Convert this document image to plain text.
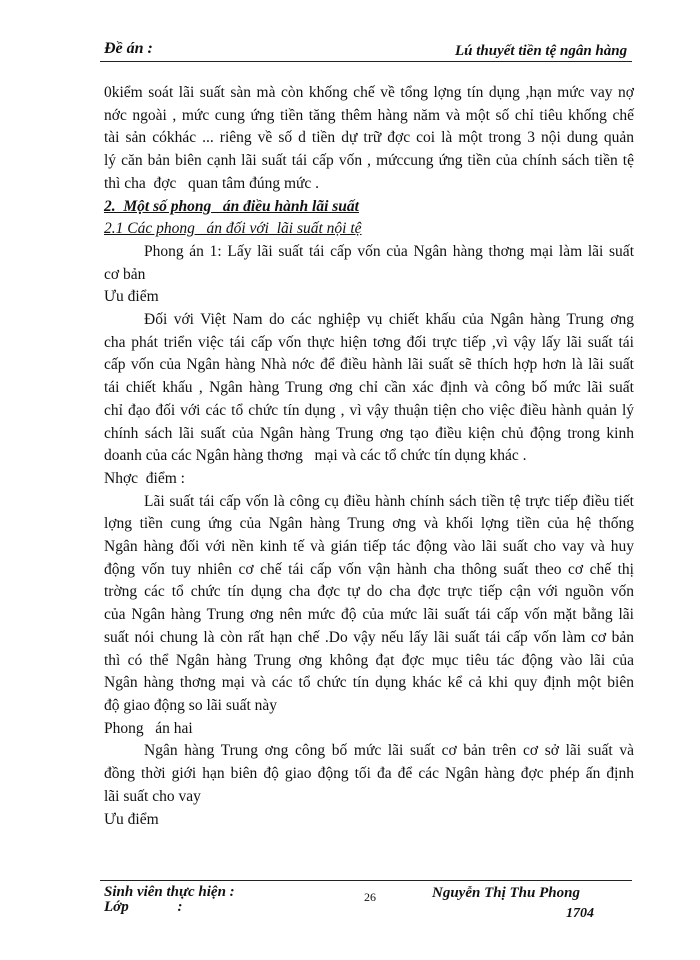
Đề án :	Lú thuyết tiền tệ ngân hàng
0kiểm soát lãi suất sàn mà còn khống chế về tổng lợng tín dụng ,hạn mức vay nợ
nớc ngoài , mức cung ứng tiền tăng thêm hàng năm và một số chỉ tiêu khống chế
tài sản cókhác ... riêng về số d tiền dự trữ đợc coi là một trong 3 nội dung quản
lý căn bản biên cạnh lãi suất tái cấp vốn , mứccung ứng tiền của chính sách tiền tệ
thì cha  đợc   quan tâm đúng mức .
2.  Một số phong   án điều hành lãi suất
2.1 Các phong   án đối với  lãi suất nội tệ
Phong án 1: Lấy lãi suất tái cấp vốn của Ngân hàng thơng mại làm lãi suất
cơ bản
Ưu điểm
Đối với Việt Nam do các nghiệp vụ chiết khấu của Ngân hàng Trung ơng
cha phát triển việc tái cấp vốn thực hiện tơng đối trực tiếp ,vì vậy lấy lãi suất tái
cấp vốn của Ngân hàng Nhà nớc để điều hành lãi suất sẽ thích hợp hơn là lãi suất
tái chiết khấu , Ngân hàng Trung ơng chỉ cần xác định và công bố mức lãi suất
chỉ đạo đối với các tổ chức tín dụng , vì vậy thuận tiện cho việc điều hành quản lý
chính sách lãi suất của Ngân hàng Trung ơng tạo điều kiện chủ động trong kinh
doanh của các Ngân hàng thơng   mại và các tổ chức tín dụng khác .
Nhợc  điểm :
Lãi suất tái cấp vốn là công cụ điều hành chính sách tiền tệ trực tiếp điều tiết
lợng tiền cung ứng của Ngân hàng Trung ơng và khối lợng tiền của hệ thống
Ngân hàng đối với nền kinh tế và gián tiếp tác động vào lãi suất cho vay và huy
động vốn tuy nhiên cơ chế tái cấp vốn vận hành cha thông suất theo cơ chế thị
trờng các tổ chức tín dụng cha đợc tự do cha đợc trực tiếp cận với nguồn vốn
của Ngân hàng Trung ơng nên mức độ của mức lãi suất tái cấp vốn mặt bằng lãi
suất nói chung là còn rất hạn chế .Do vậy nếu lấy lãi suất tái cấp vốn làm cơ bản
thì có thể Ngân hàng Trung ơng không đạt đợc mục tiêu tác động vào lãi của
Ngân hàng thơng mại và các tổ chức tín dụng khác kể cả khi quy định một biên
độ giao động so lãi suất này
Phong   án hai
Ngân hàng Trung ơng công bố mức lãi suất cơ bản trên cơ sở lãi suất và
đồng thời giới hạn biên độ giao động tối đa để các Ngân hàng đợc phép ấn định
lãi suất cho vay
Ưu điểm
Sinh viên thực hiện :
Lớp             :
26	Nguyễn Thị Thu Phong
1704
